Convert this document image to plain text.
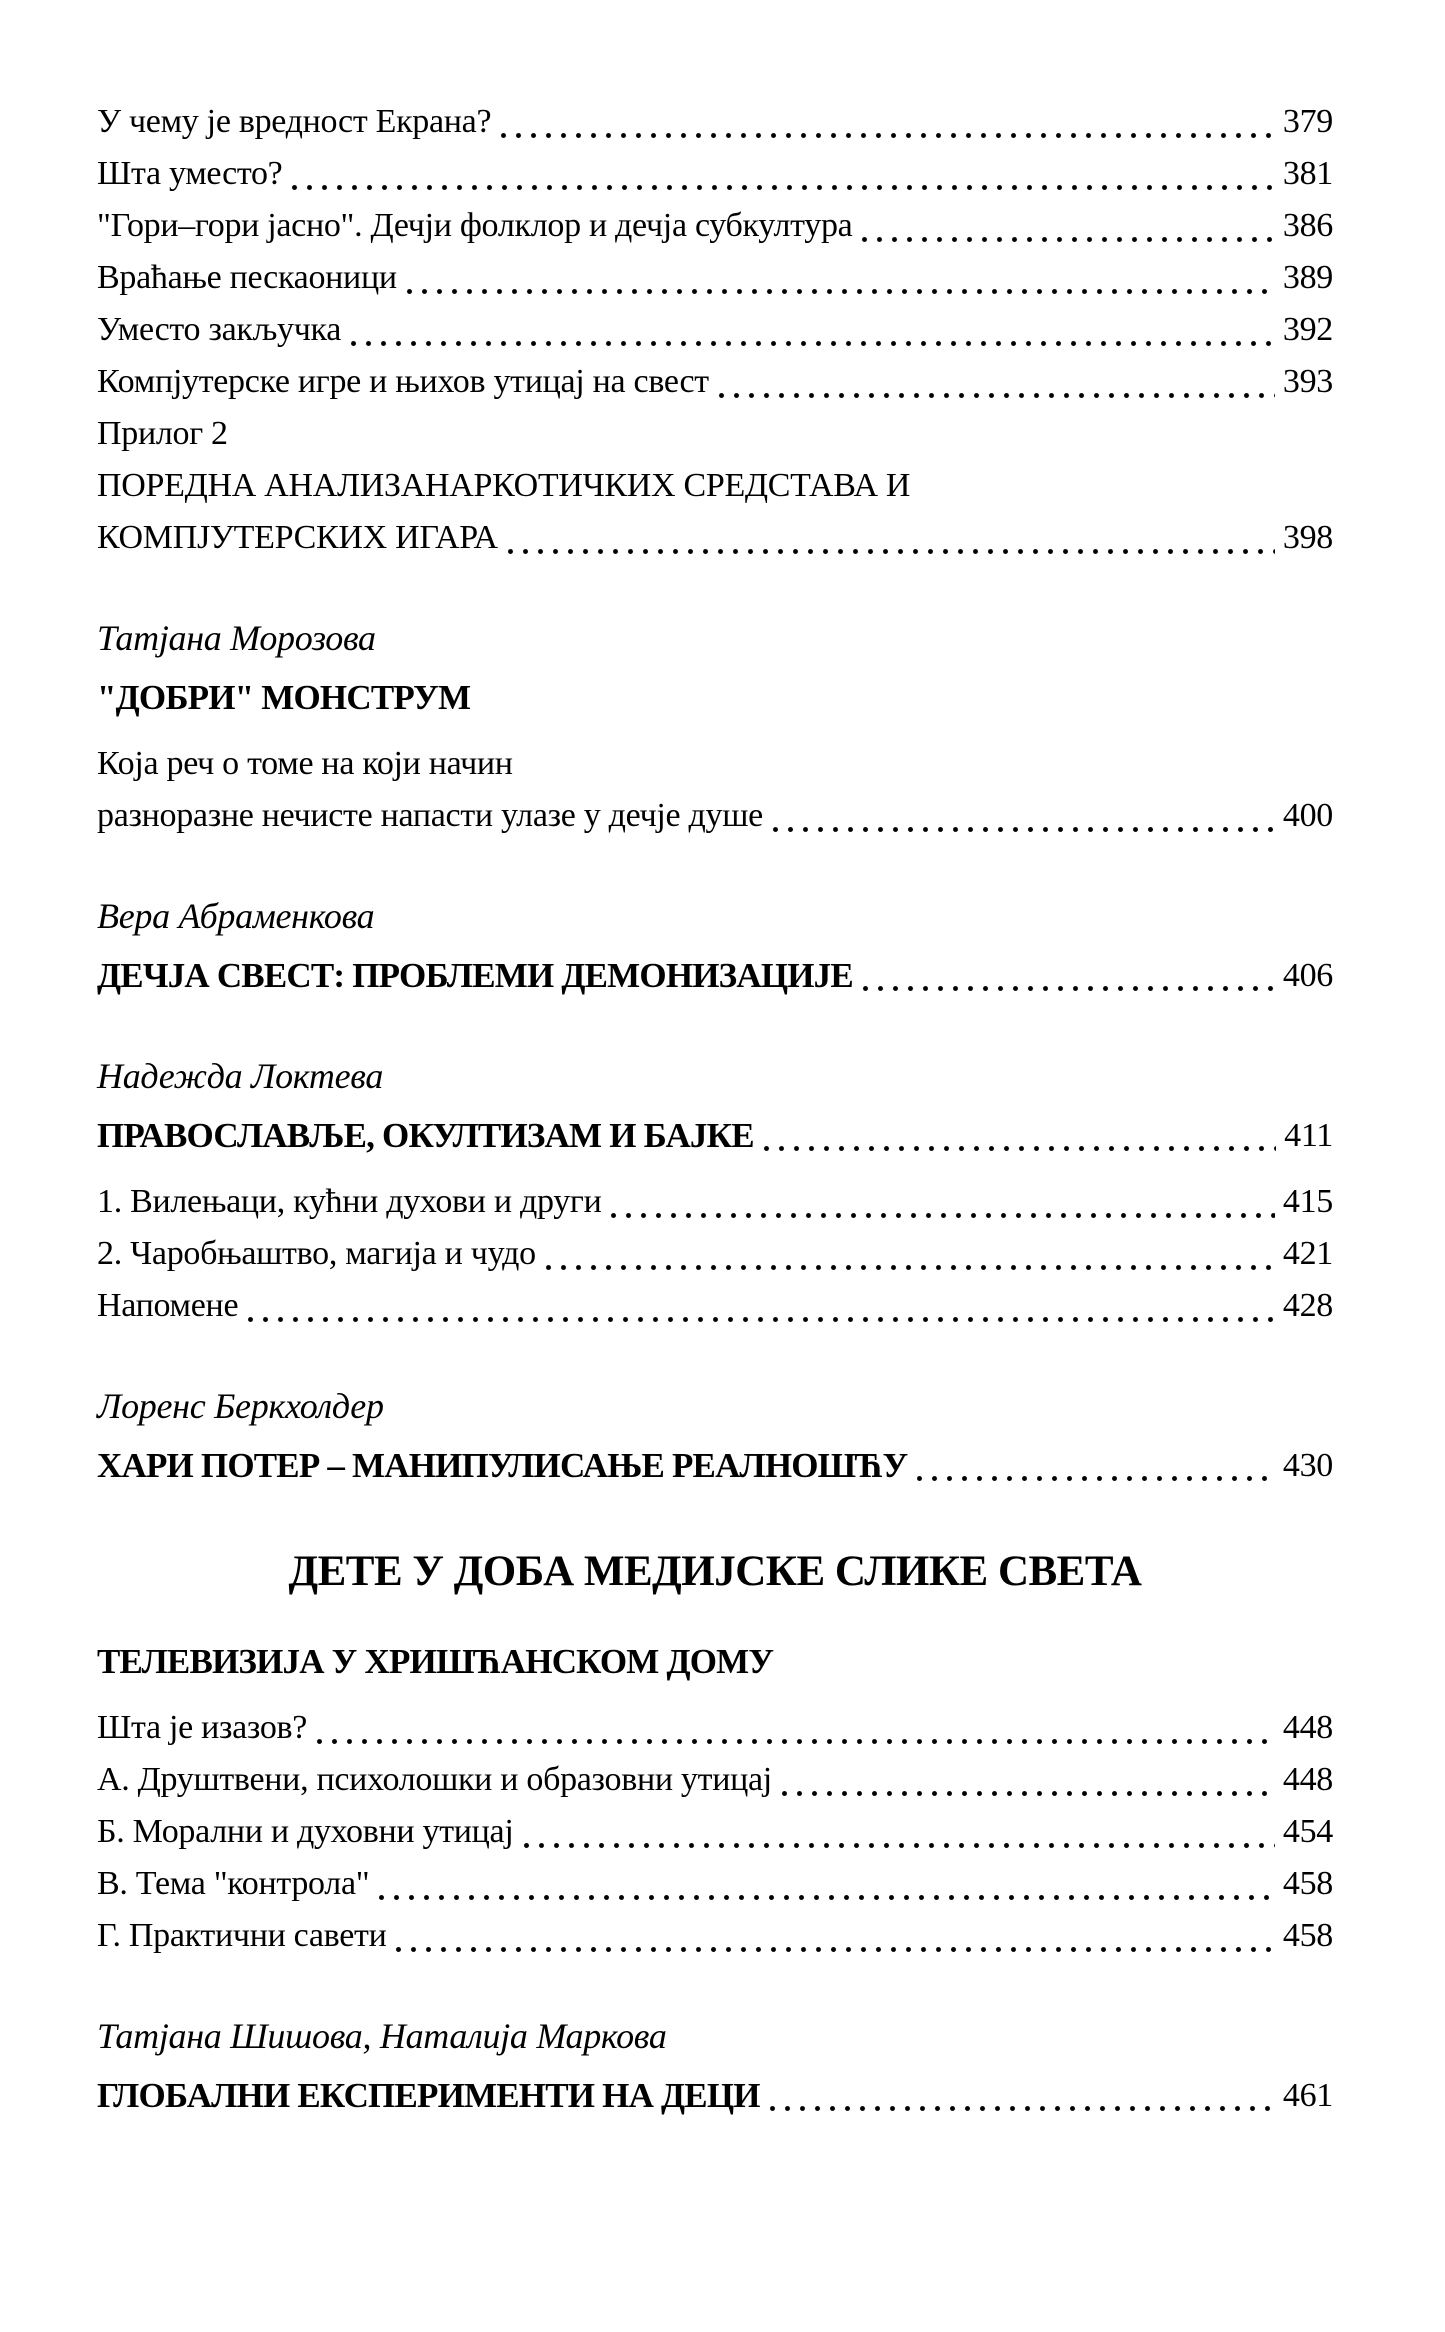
У чему је вредност Екрана?	379
Шта уместо?	381
"Гори–гори јасно". Дечји фолклор и дечја субкултура	386
Враћање пескаоници	389
Уместо закључка	392
Компјутерске игре и њихов утицај на свест	393
Прилог 2
ПОРЕДНА АНАЛИЗАНАРКОТИЧКИХ СРЕДСТАВА И
КОМПЈУТЕРСКИХ ИГАРА	398
Татјана Морозова
"ДОБРИ" МОНСТРУМ
Која реч о томе на који начин
разноразне нечисте напасти улазе у дечје душе	400
Вера Абраменкова
ДЕЧЈА СВЕСТ: ПРОБЛЕМИ ДЕМОНИЗАЦИЈЕ	406
Надежда Локтева
ПРАВОСЛАВЉЕ, ОКУЛТИЗАМ И БАЈКЕ	411
1. Вилењаци, кућни духови и други	415
2. Чаробњаштво, магија и чудо	421
Напомене	428
Лоренс Беркхолдер
ХАРИ ПОТЕР – МАНИПУЛИСАЊЕ РЕАЛНОШЋУ	430
ДЕТЕ У ДОБА МЕДИЈСКЕ СЛИКЕ СВЕТА
ТЕЛЕВИЗИЈА У ХРИШЋАНСКОМ ДОМУ
Шта је изазов?	448
А. Друштвени, психолошки и образовни утицај	448
Б. Морални и духовни утицај	454
В. Тема "контрола"	458
Г. Практични савети	458
Татјана Шишова, Наталија Маркова
ГЛОБАЛНИ ЕКСПЕРИМЕНТИ НА ДЕЦИ	461
